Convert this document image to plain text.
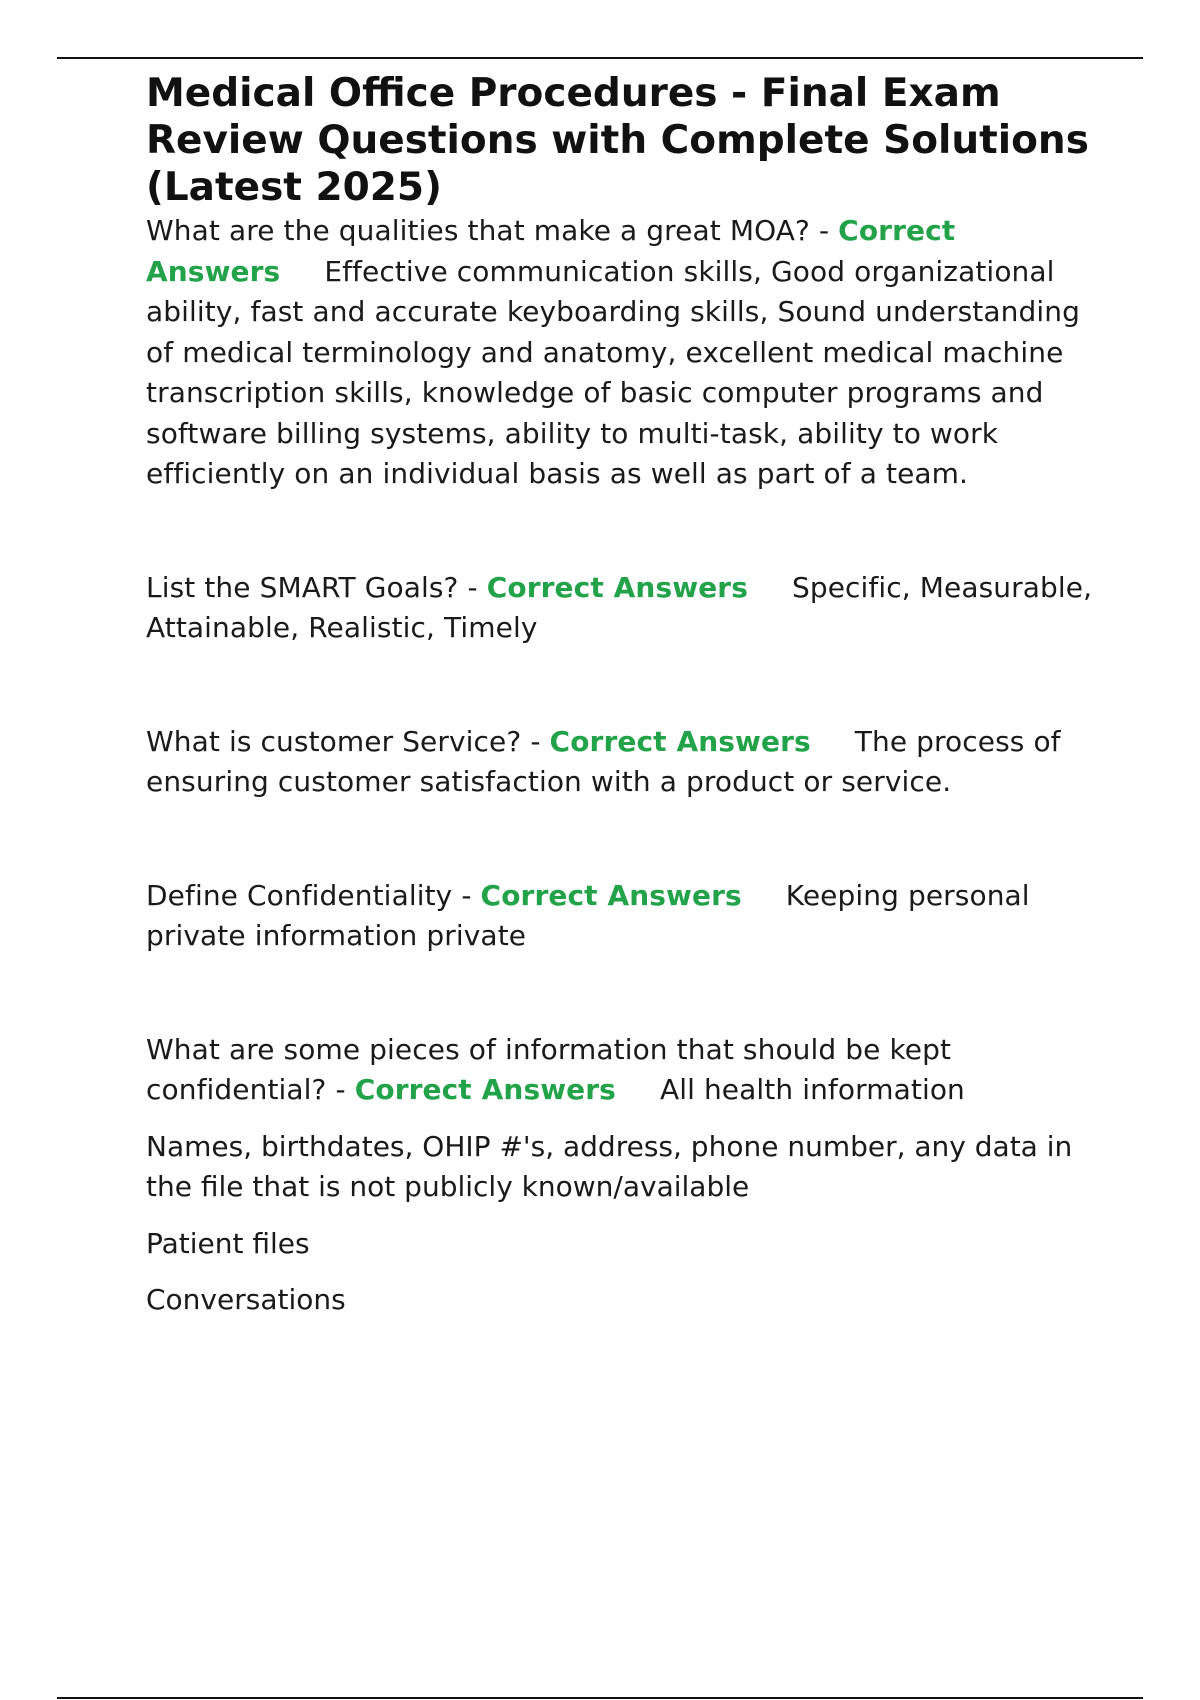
Medical Office Procedures - Final Exam Review Questions with Complete Solutions (Latest 2025)

What are the qualities that make a great MOA? - Correct Answers Effective communication skills, Good organizational ability, fast and accurate keyboarding skills, Sound understanding of medical terminology and anatomy, excellent medical machine transcription skills, knowledge of basic computer programs and software billing systems, ability to multi-task, ability to work efficiently on an individual basis as well as part of a team.

List the SMART Goals? - Correct Answers Specific, Measurable, Attainable, Realistic, Timely

What is customer Service? - Correct Answers The process of ensuring customer satisfaction with a product or service.

Define Confidentiality - Correct Answers Keeping personal private information private

What are some pieces of information that should be kept confidential? - Correct Answers All health information

Names, birthdates, OHIP #'s, address, phone number, any data in the file that is not publicly known/available

Patient files

Conversations
